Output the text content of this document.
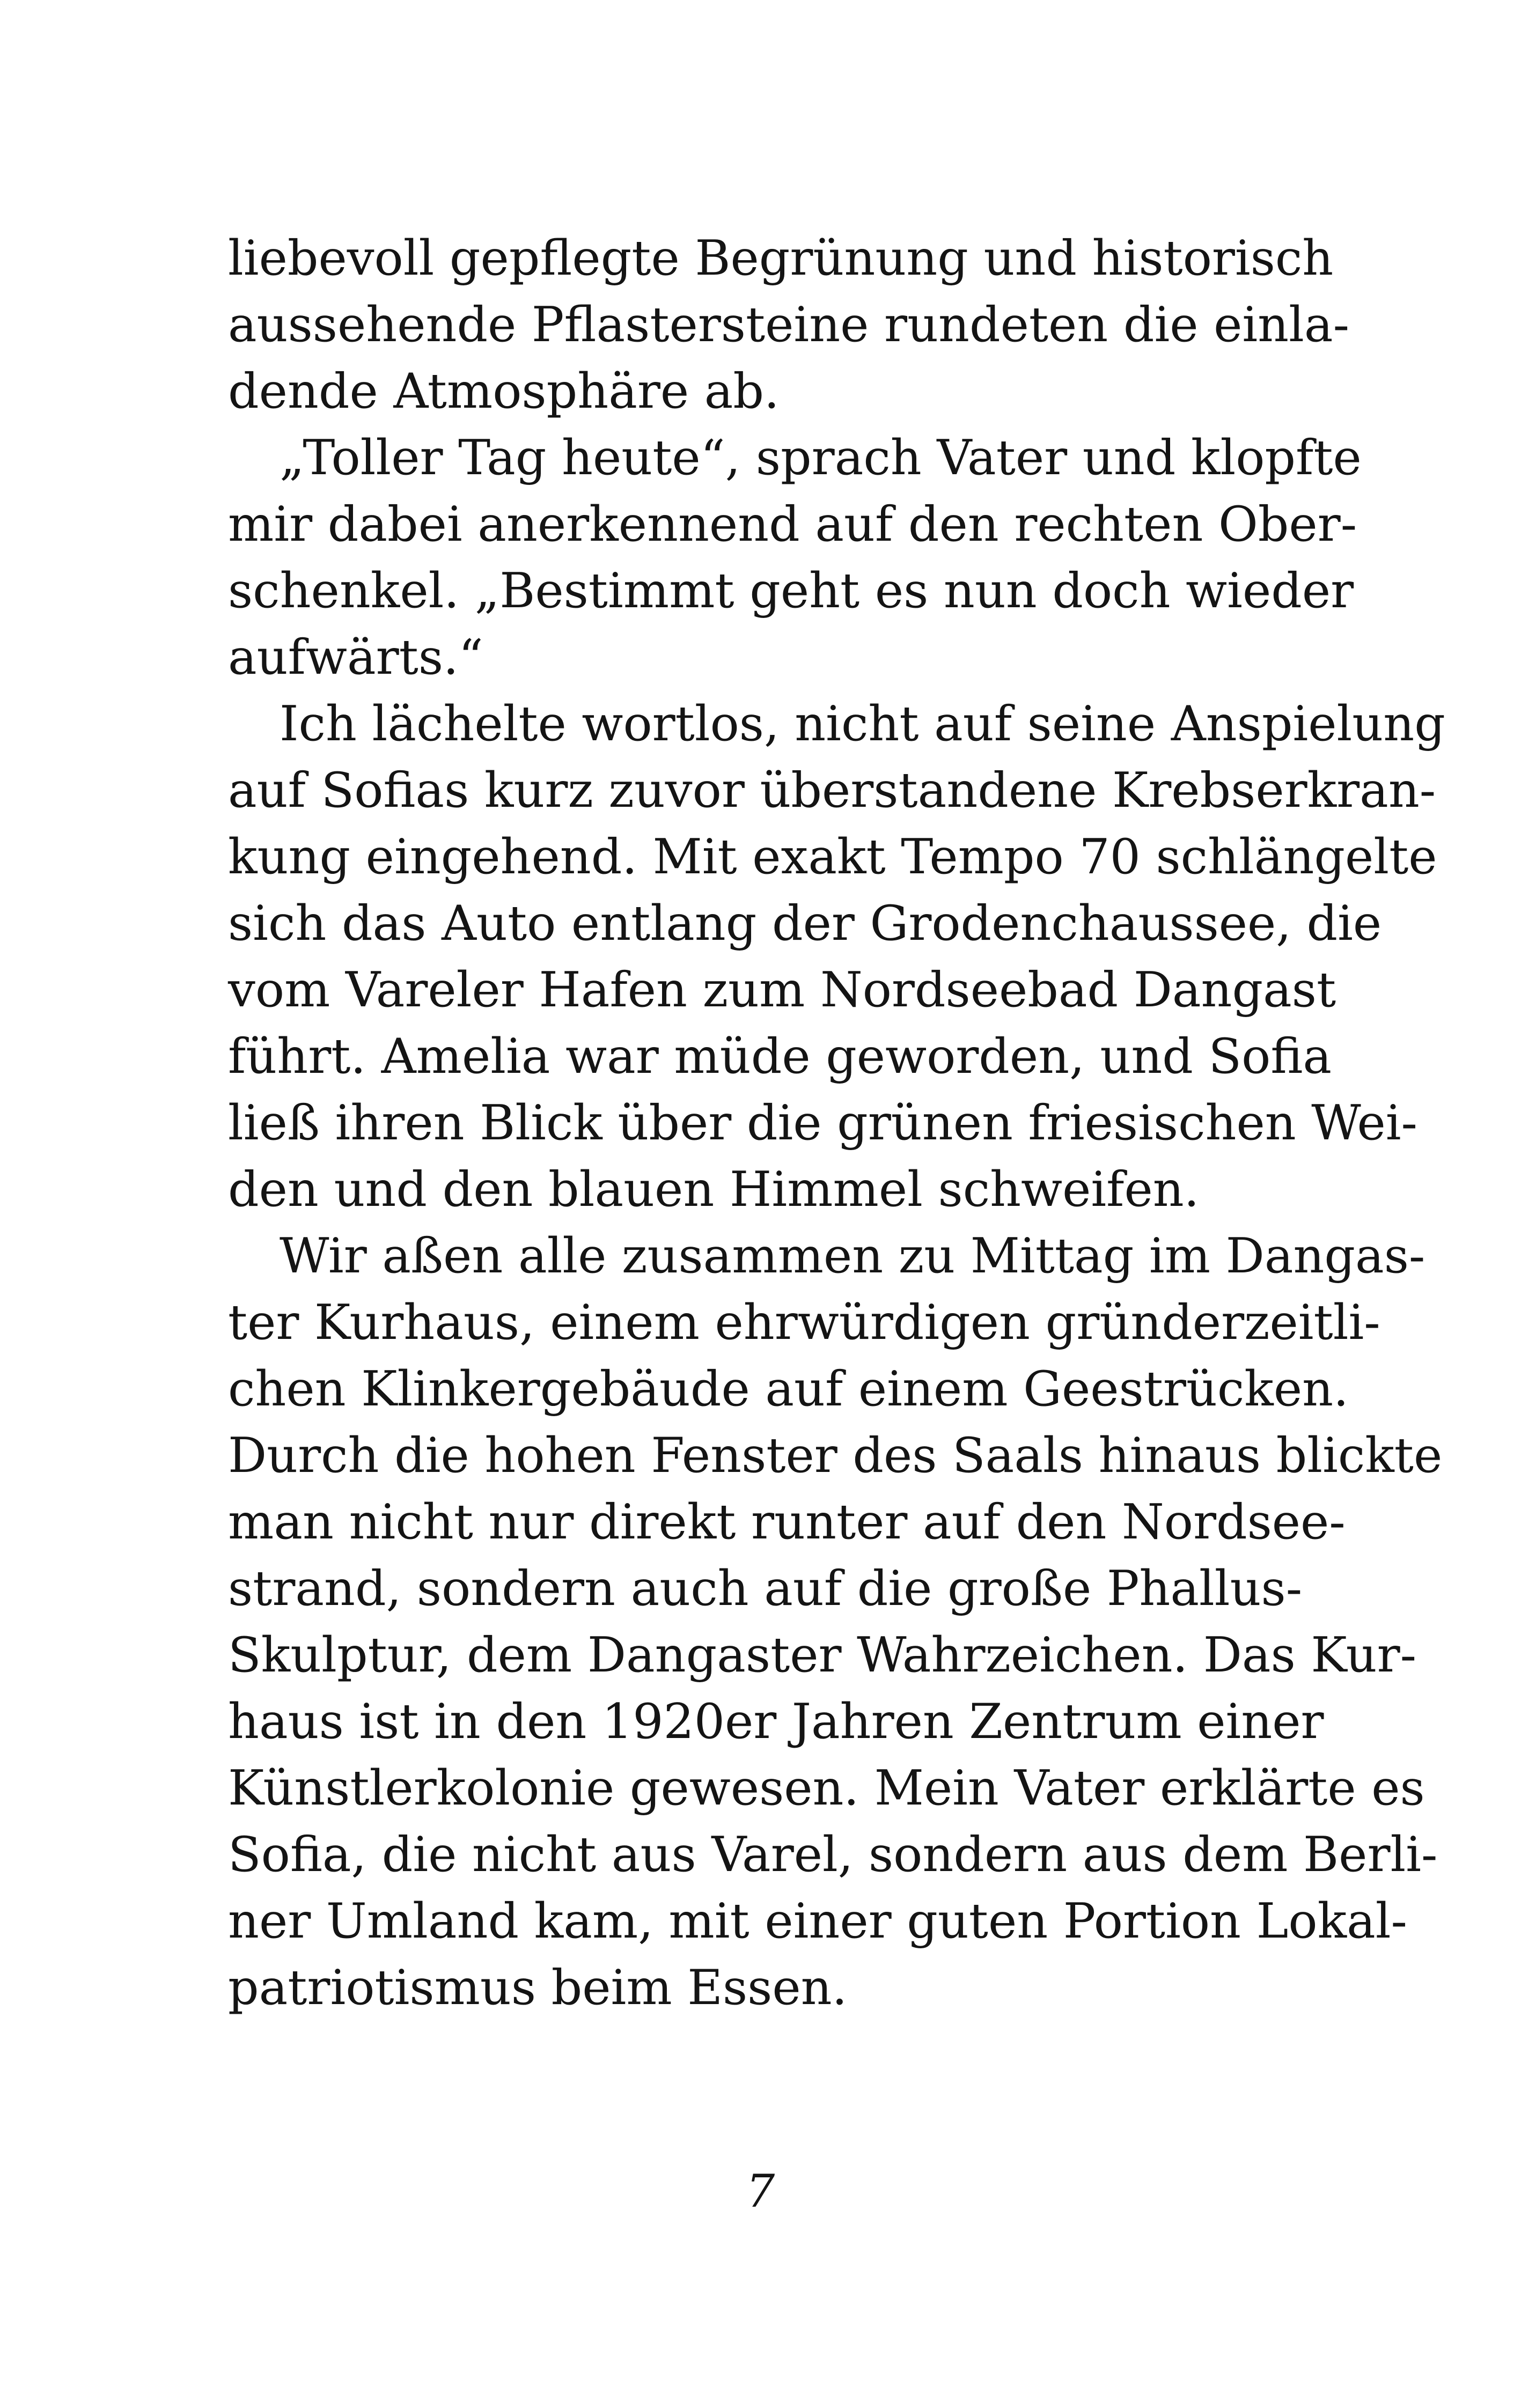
liebevoll gepflegte Begrünung und historisch
aussehende Pflastersteine rundeten die einla-
dende Atmosphäre ab.
„Toller Tag heute“, sprach Vater und klopfte
mir dabei anerkennend auf den rechten Ober-
schenkel. „Bestimmt geht es nun doch wieder
aufwärts.“
Ich lächelte wortlos, nicht auf seine Anspielung
auf Sofias kurz zuvor überstandene Krebserkran-
kung eingehend. Mit exakt Tempo 70 schlängelte
sich das Auto entlang der Grodenchaussee, die
vom Vareler Hafen zum Nordseebad Dangast
führt. Amelia war müde geworden, und Sofia
ließ ihren Blick über die grünen friesischen Wei-
den und den blauen Himmel schweifen.
Wir aßen alle zusammen zu Mittag im Dangas-
ter Kurhaus, einem ehrwürdigen gründerzeitli-
chen Klinkergebäude auf einem Geestrücken.
Durch die hohen Fenster des Saals hinaus blickte
man nicht nur direkt runter auf den Nordsee-
strand, sondern auch auf die große Phallus-
Skulptur, dem Dangaster Wahrzeichen. Das Kur-
haus ist in den 1920er Jahren Zentrum einer
Künstlerkolonie gewesen. Mein Vater erklärte es
Sofia, die nicht aus Varel, sondern aus dem Berli-
ner Umland kam, mit einer guten Portion Lokal-
patriotismus beim Essen.
7
